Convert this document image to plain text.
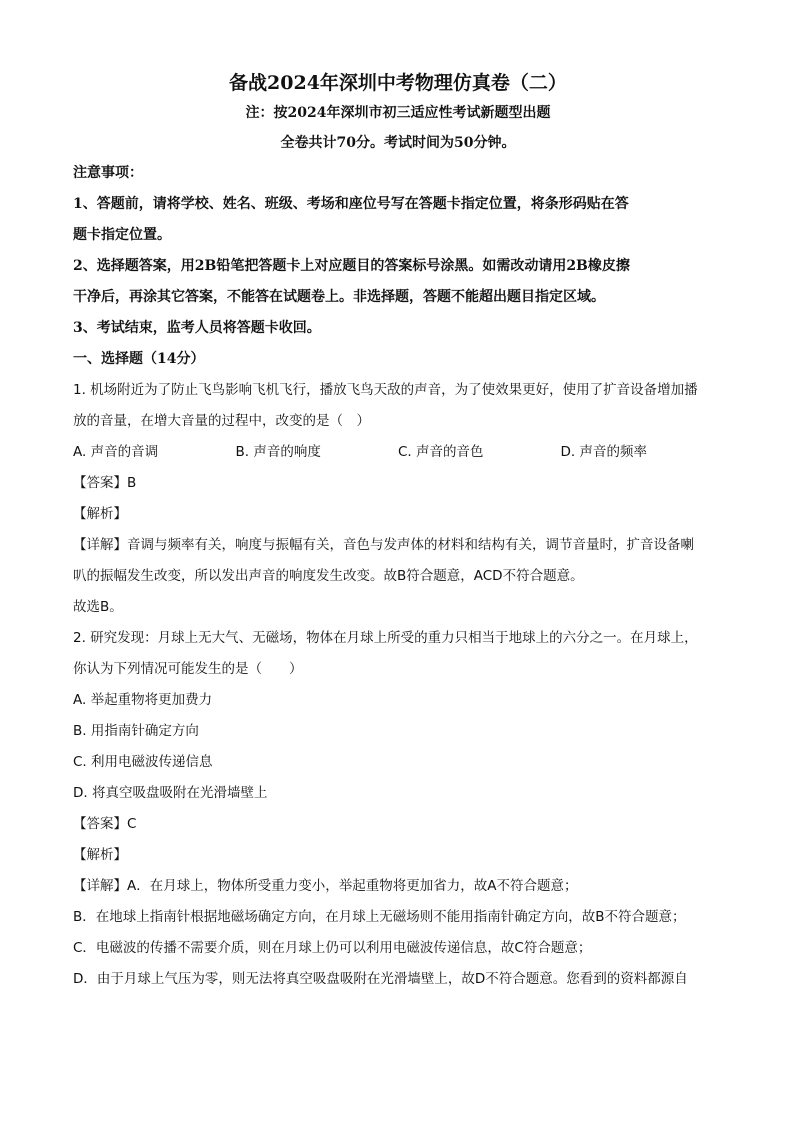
备战2024年深圳中考物理仿真卷（二）
注：按2024年深圳市初三适应性考试新题型出题
全卷共计70分。考试时间为50分钟。
注意事项：
1、答题前，请将学校、姓名、班级、考场和座位号写在答题卡指定位置，将条形码贴在答
题卡指定位置。
2、选择题答案，用2B铅笔把答题卡上对应题目的答案标号涂黑。如需改动请用2B橡皮擦
干净后，再涂其它答案，不能答在试题卷上。非选择题，答题不能超出题目指定区域。
3、考试结束，监考人员将答题卡收回。
一、选择题（14分）
1. 机场附近为了防止飞鸟影响飞机飞行，播放飞鸟天敌的声音，为了使效果更好，使用了扩音设备增加播
放的音量，在增大音量的过程中，改变的是（　）
A. 声音的音调	B. 声音的响度	C. 声音的音色	D. 声音的频率
【答案】B
【解析】
【详解】音调与频率有关，响度与振幅有关，音色与发声体的材料和结构有关，调节音量时，扩音设备喇
叭的振幅发生改变，所以发出声音的响度发生改变。故B符合题意，ACD不符合题意。
故选B。
2. 研究发现：月球上无大气、无磁场，物体在月球上所受的重力只相当于地球上的六分之一。在月球上，
你认为下列情况可能发生的是（　　）
A. 举起重物将更加费力
B. 用指南针确定方向
C. 利用电磁波传递信息
D. 将真空吸盘吸附在光滑墙壁上
【答案】C
【解析】
【详解】A．在月球上，物体所受重力变小，举起重物将更加省力，故A不符合题意；
B．在地球上指南针根据地磁场确定方向，在月球上无磁场则不能用指南针确定方向，故B不符合题意；
C．电磁波的传播不需要介质，则在月球上仍可以利用电磁波传递信息，故C符合题意；
D．由于月球上气压为零，则无法将真空吸盘吸附在光滑墙壁上，故D不符合题意。您看到的资料都源自
